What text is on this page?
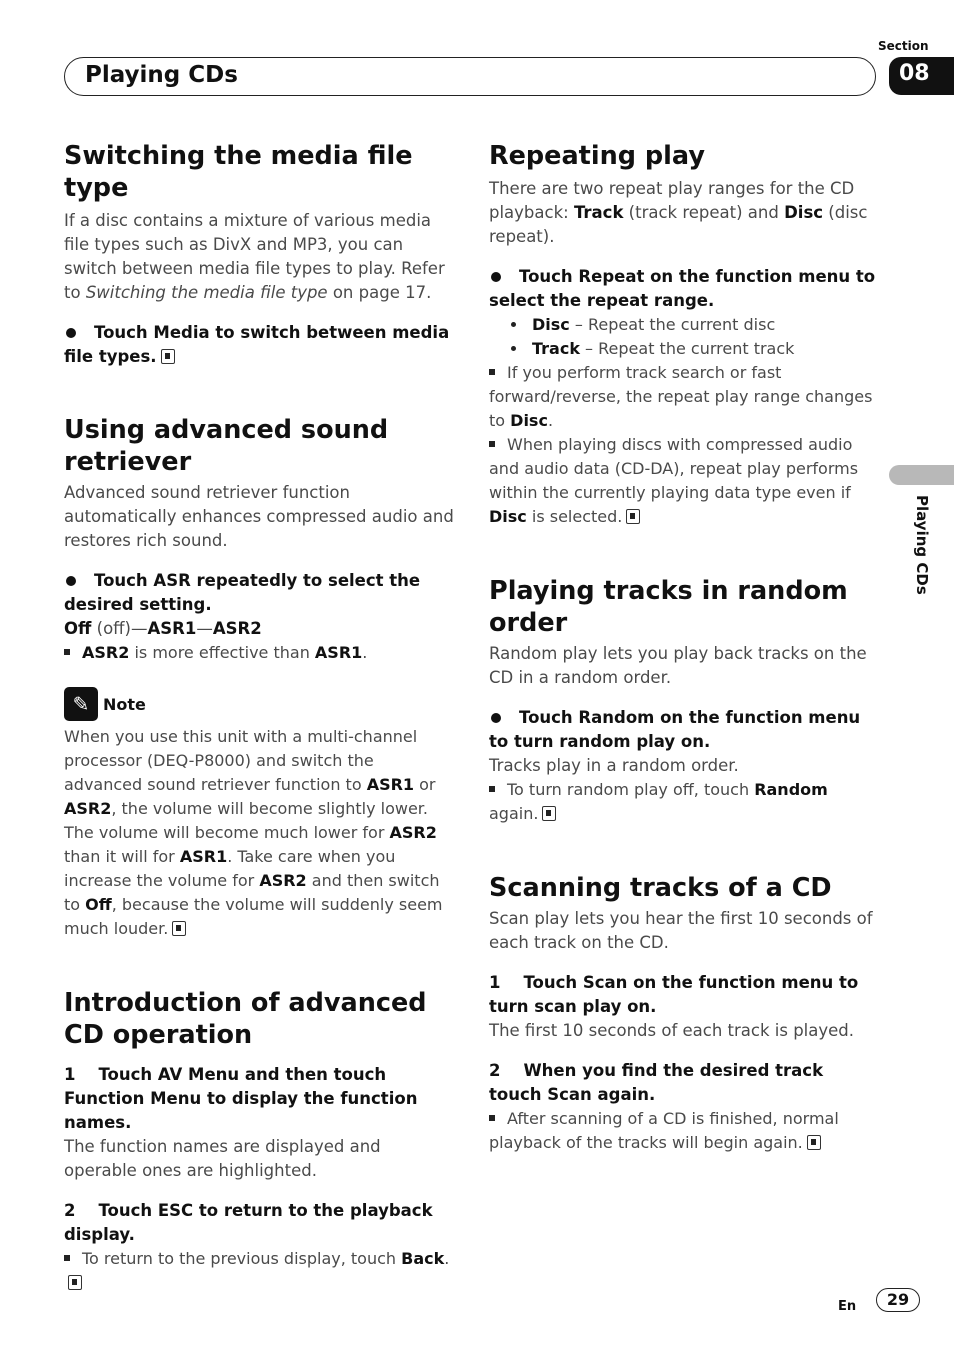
Section
08
Playing CDs
Playing CDs
Switching the media file type

If a disc contains a mixture of various media file types such as DivX and MP3, you can switch between media file types to play. Refer to Switching the media file type on page 17.

Touch Media to switch between media file types.

Using advanced sound retriever

Advanced sound retriever function automatically enhances compressed audio and restores rich sound.

Touch ASR repeatedly to select the desired setting.

Off (off)—ASR1—ASR2

ASR2 is more effective than ASR1.

✎ Note

When you use this unit with a multi-channel processor (DEQ-P8000) and switch the advanced sound retriever function to ASR1 or ASR2, the volume will become slightly lower. The volume will become much lower for ASR2 than it will for ASR1. Take care when you increase the volume for ASR2 and then switch to Off, because the volume will suddenly seem much louder.

Introduction of advanced CD operation

1 Touch AV Menu and then touch Function Menu to display the function names.

The function names are displayed and operable ones are highlighted.

2 Touch ESC to return to the playback display.

To return to the previous display, touch Back.

Repeating play

There are two repeat play ranges for the CD playback: Track (track repeat) and Disc (disc repeat).

Touch Repeat on the function menu to select the repeat range.

Disc – Repeat the current disc

Track – Repeat the current track

If you perform track search or fast forward/reverse, the repeat play range changes to Disc.

When playing discs with compressed audio and audio data (CD-DA), repeat play performs within the currently playing data type even if Disc is selected.

Playing tracks in random order

Random play lets you play back tracks on the CD in a random order.

Touch Random on the function menu to turn random play on.

Tracks play in a random order.

To turn random play off, touch Random again.

Scanning tracks of a CD

Scan play lets you hear the first 10 seconds of each track on the CD.

1 Touch Scan on the function menu to turn scan play on.

The first 10 seconds of each track is played.

2 When you find the desired track touch Scan again.

After scanning of a CD is finished, normal playback of the tracks will begin again.

En	29
